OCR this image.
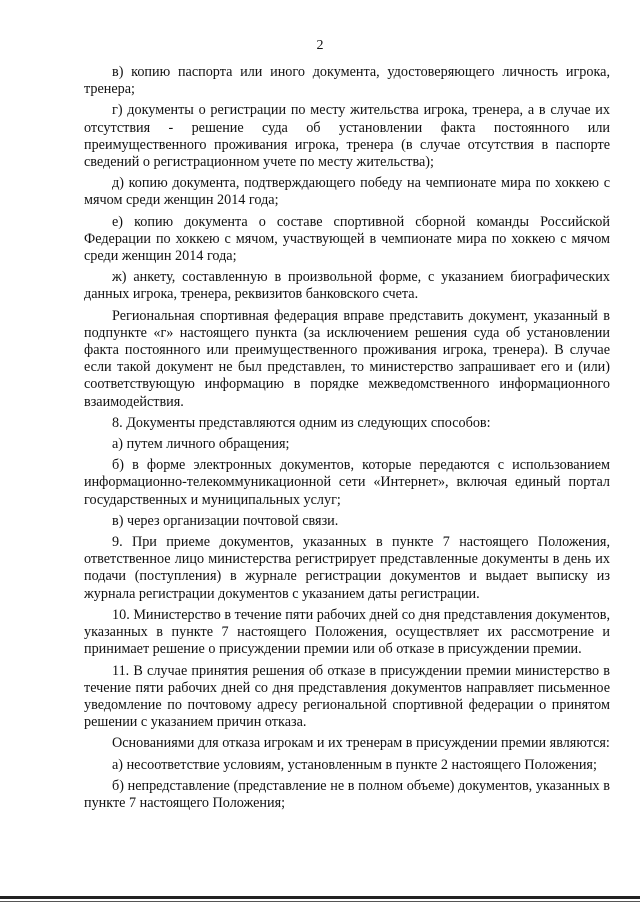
2

в) копию паспорта или иного документа, удостоверяющего личность игрока, тренера;

г) документы о регистрации по месту жительства игрока, тренера, а в случае их отсутствия - решение суда об установлении факта постоянного или преимущественного проживания игрока, тренера (в случае отсутствия в паспорте сведений о регистрационном учете по месту жительства);

д) копию документа, подтверждающего победу на чемпионате мира по хоккею с мячом среди женщин 2014 года;

е) копию документа о составе спортивной сборной команды Российской Федерации по хоккею с мячом, участвующей в чемпионате мира по хоккею с мячом среди женщин 2014 года;

ж) анкету, составленную в произвольной форме, с указанием биографических данных игрока, тренера, реквизитов банковского счета.

Региональная спортивная федерация вправе представить документ, указанный в подпункте «г» настоящего пункта (за исключением решения суда об установлении факта постоянного или преимущественного проживания игрока, тренера). В случае если такой документ не был представлен, то министерство запрашивает его и (или) соответствующую информацию в порядке межведомственного информационного взаимодействия.

8. Документы представляются одним из следующих способов:

а) путем личного обращения;

б) в форме электронных документов, которые передаются с использованием информационно-телекоммуникационной сети «Интернет», включая единый портал государственных и муниципальных услуг;

в) через организации почтовой связи.

9. При приеме документов, указанных в пункте 7 настоящего Положения, ответственное лицо министерства регистрирует представленные документы в день их подачи (поступления) в журнале регистрации документов и выдает выписку из журнала регистрации документов с указанием даты регистрации.

10. Министерство в течение пяти рабочих дней со дня представления документов, указанных в пункте 7 настоящего Положения, осуществляет их рассмотрение и принимает решение о присуждении премии или об отказе в присуждении премии.

11. В случае принятия решения об отказе в присуждении премии министерство в течение пяти рабочих дней со дня представления документов направляет письменное уведомление по почтовому адресу региональной спортивной федерации о принятом решении с указанием причин отказа.

Основаниями для отказа игрокам и их тренерам в присуждении премии являются:

а) несоответствие условиям, установленным в пункте 2 настоящего Положения;

б) непредставление (представление не в полном объеме) документов, указанных в пункте 7 настоящего Положения;
